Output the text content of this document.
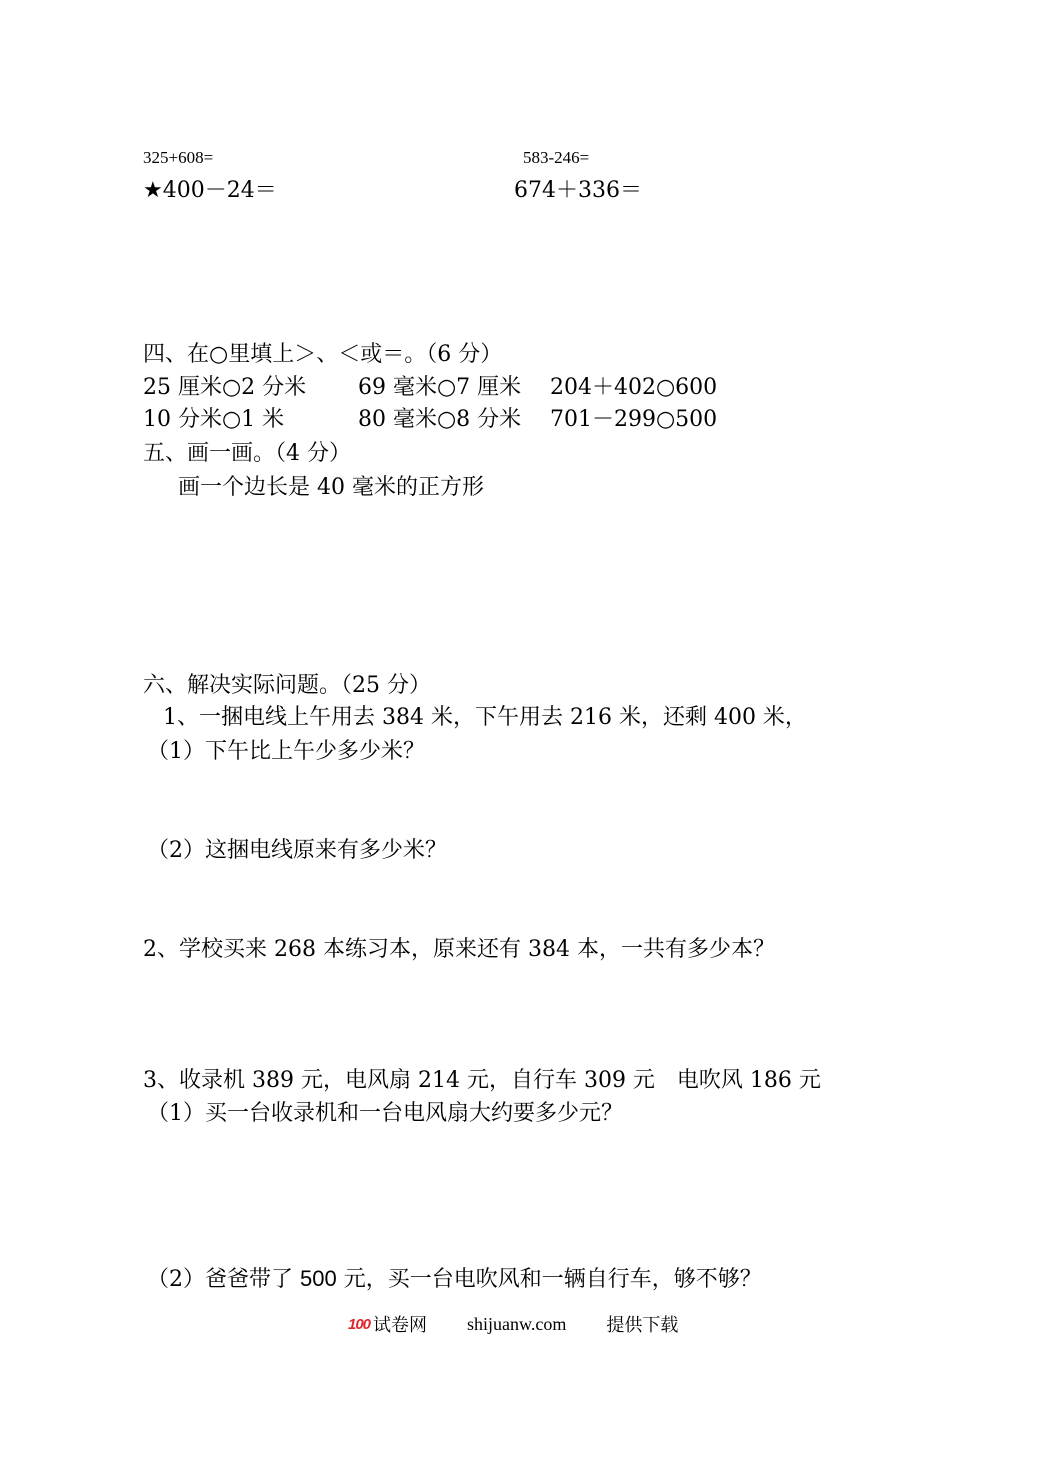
325+608=	583-246=

★400－24＝	674＋336＝

四、在○里填上＞、＜或＝。（6 分）

25 厘米○2 分米 69 毫米○7 厘米 204＋402○600

10 分米○1 米	80 毫米○8 分米 701－299○500

五、画一画。（4 分）

画一个边长是 40 毫米的正方形

六、解决实际问题。（25 分）

1、一捆电线上午用去 384 米，下午用去 216 米，还剩 400 米，

（1）下午比上午少多少米？

（2）这捆电线原来有多少米？

2、学校买来 268 本练习本，原来还有 384 本，一共有多少本？

3、收录机 389 元，电风扇 214 元，自行车 309 元　电吹风 186 元

（1）买一台收录机和一台电风扇大约要多少元？

（2）爸爸带了 500 元，买一台电吹风和一辆自行车，够不够？

100 试卷网 shijuanw.com 提供下载
